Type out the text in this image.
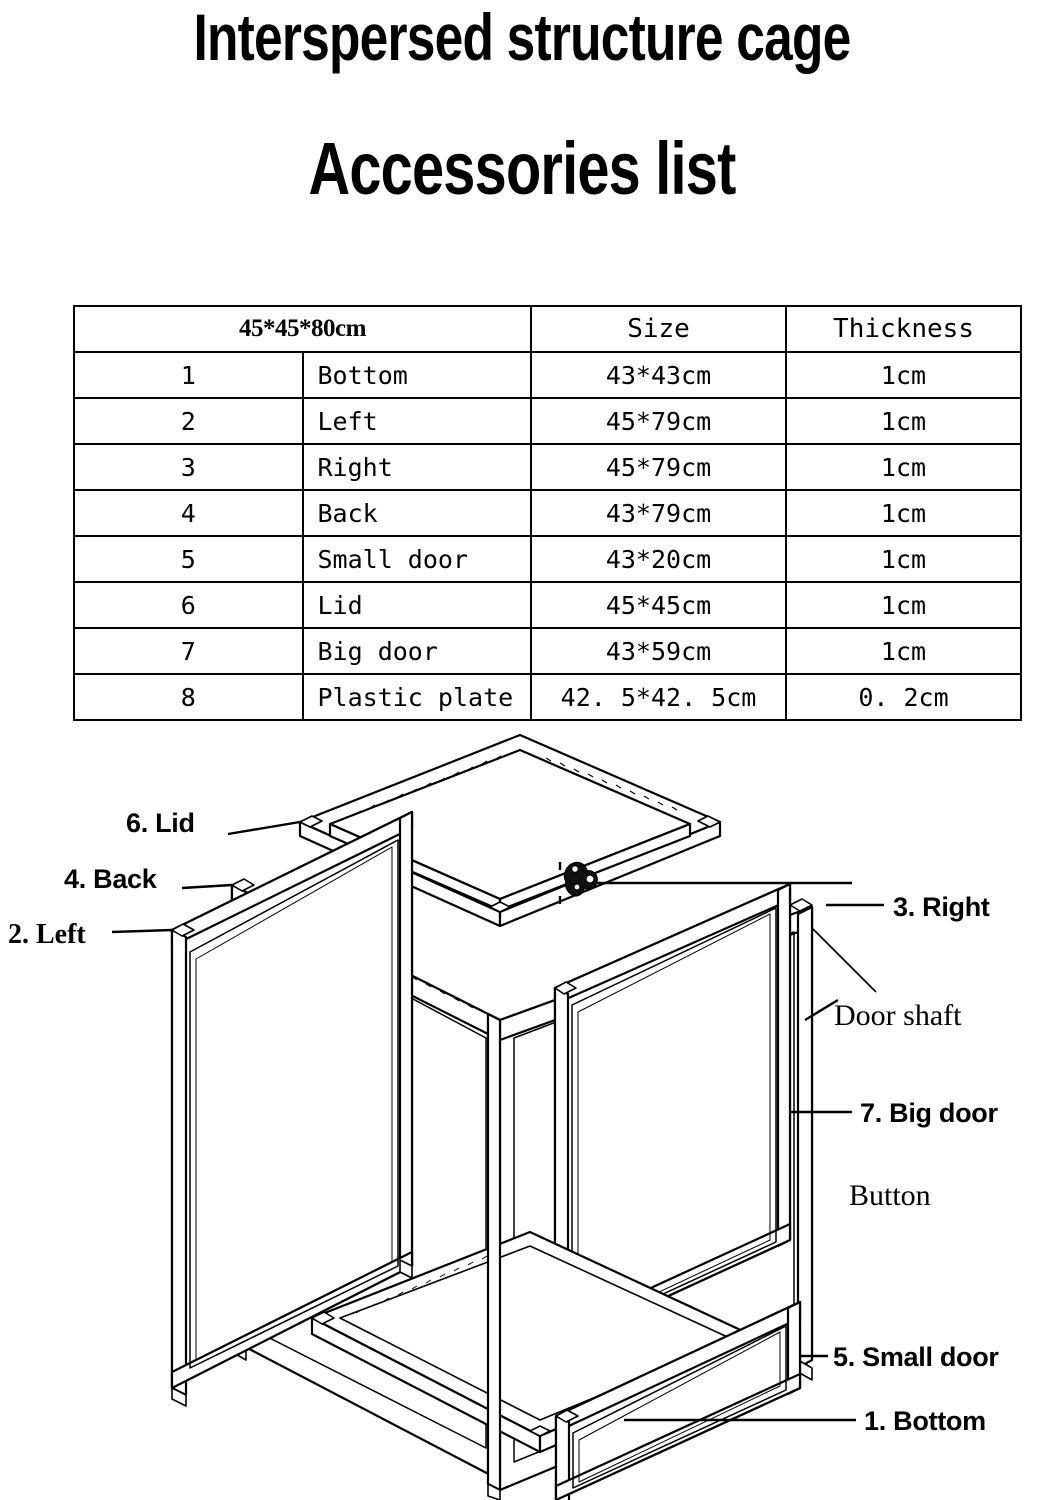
Interspersed structure cage
Accessories list
45*45*80cm		Size	Thickness
1	Bottom	43*43cm	1cm
2	Left	45*79cm	1cm
3	Right	45*79cm	1cm
4	Back	43*79cm	1cm
5	Small door	43*20cm	1cm
6	Lid	45*45cm	1cm
7	Big door	43*59cm	1cm
8	Plastic plate	42. 5*42. 5cm	0. 2cm
6. Lid
4. Back
2. Left
3. Right
Door shaft
7. Big door
Button
5. Small door
1. Bottom
